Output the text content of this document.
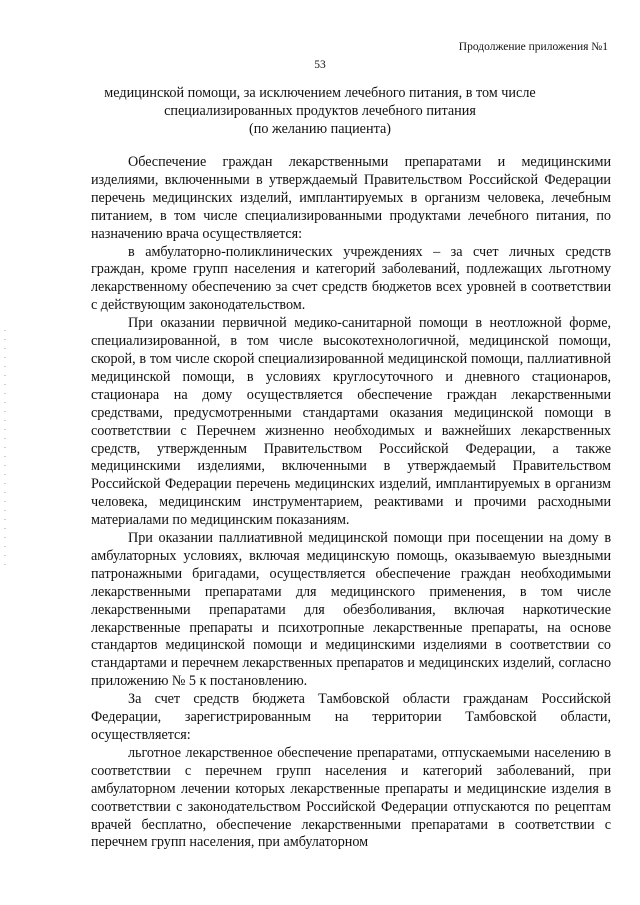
Продолжение приложения №1
53
медицинской помощи, за исключением лечебного питания, в том числе
специализированных продуктов лечебного питания
(по желанию пациента)

Обеспечение граждан лекарственными препаратами и медицинскими изделиями, включенными в утверждаемый Правительством Российской Федерации перечень медицинских изделий, имплантируемых в организм человека, лечебным питанием, в том числе специализированными продуктами лечебного питания, по назначению врача осуществляется:

в амбулаторно-поликлинических учреждениях – за счет личных средств граждан, кроме групп населения и категорий заболеваний, подлежащих льготному лекарственному обеспечению за счет средств бюджетов всех уровней в соответствии с действующим законодательством.

При оказании первичной медико-санитарной помощи в неотложной форме, специализированной, в том числе высокотехнологичной, медицинской помощи, скорой, в том числе скорой специализированной медицинской помощи, паллиативной медицинской помощи, в условиях круглосуточного и дневного стационаров, стационара на дому осуществляется обеспечение граждан лекарственными средствами, предусмотренными стандартами оказания медицинской помощи в соответствии с Перечнем жизненно необходимых и важнейших лекарственных средств, утвержденным Правительством Российской Федерации, а также медицинскими изделиями, включенными в утверждаемый Правительством Российской Федерации перечень медицинских изделий, имплантируемых в организм человека, медицинским инструментарием, реактивами и прочими расходными материалами по медицинским показаниям.

При оказании паллиативной медицинской помощи при посещении на дому в амбулаторных условиях, включая медицинскую помощь, оказываемую выездными патронажными бригадами, осуществляется обеспечение граждан необходимыми лекарственными препаратами для медицинского применения, в том числе лекарственными препаратами для обезболивания, включая наркотические лекарственные препараты и психотропные лекарственные препараты, на основе стандартов медицинской помощи и медицинскими изделиями в соответствии со стандартами и перечнем лекарственных препаратов и медицинских изделий, согласно приложению № 5 к постановлению.

За счет средств бюджета Тамбовской области гражданам Российской Федерации, зарегистрированным на территории Тамбовской области, осуществляется:

льготное лекарственное обеспечение препаратами, отпускаемыми населению в соответствии с перечнем групп населения и категорий заболеваний, при амбулаторном лечении которых лекарственные препараты и медицинские изделия в соответствии с законодательством Российской Федерации отпускаются по рецептам врачей бесплатно, обеспечение лекарственными препаратами в соответствии с перечнем групп населения, при амбулаторном
